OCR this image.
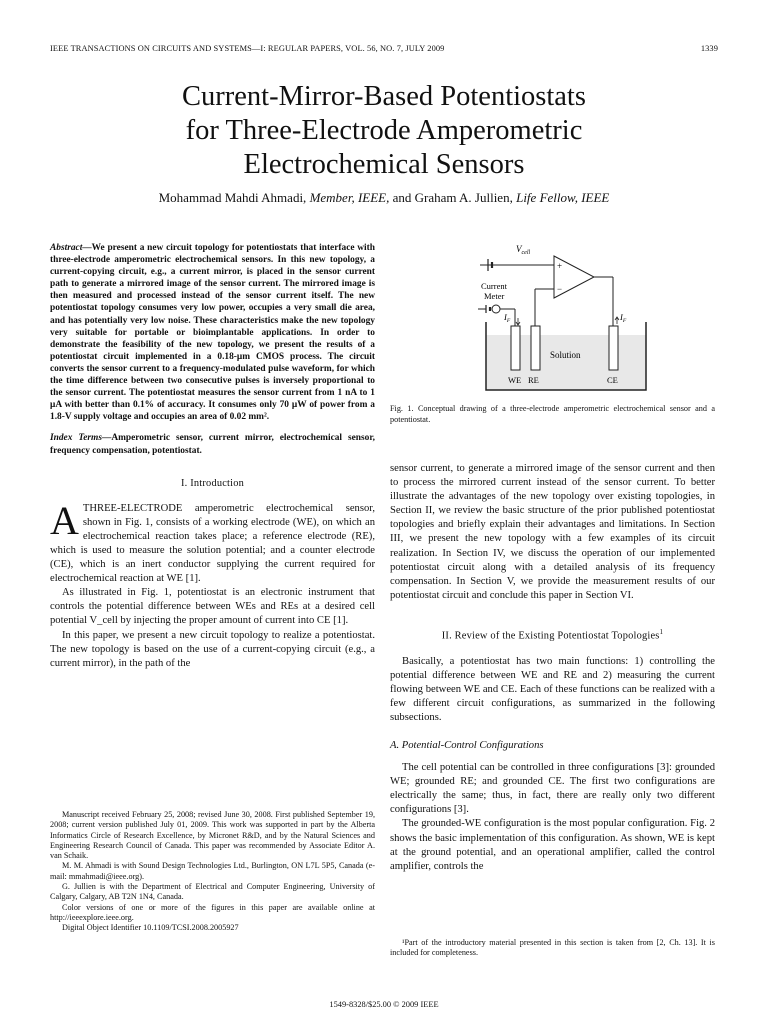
IEEE TRANSACTIONS ON CIRCUITS AND SYSTEMS—I: REGULAR PAPERS, VOL. 56, NO. 7, JULY 2009	1339
Current-Mirror-Based Potentiostats
for Three-Electrode Amperometric
Electrochemical Sensors
Mohammad Mahdi Ahmadi, Member, IEEE, and Graham A. Jullien, Life Fellow, IEEE
Abstract—We present a new circuit topology for potentiostats that interface with three-electrode amperometric electrochemical sensors. In this new topology, a current-copying circuit, e.g., a current mirror, is placed in the sensor current path to generate a mirrored image of the sensor current. The mirrored image is then measured and processed instead of the sensor current itself. The new potentiostat topology consumes very low power, occupies a very small die area, and has potentially very low noise. These characteristics make the new topology very suitable for portable or bioimplantable applications. In order to demonstrate the feasibility of the new topology, we present the results of a potentiostat circuit implemented in a 0.18-μm CMOS process. The circuit converts the sensor current to a frequency-modulated pulse waveform, for which the time difference between two consecutive pulses is inversely proportional to the sensor current. The potentiostat measures the sensor current from 1 nA to 1 μA with better than 0.1% of accuracy. It consumes only 70 μW of power from a 1.8-V supply voltage and occupies an area of 0.02 mm².
Index Terms—Amperometric sensor, current mirror, electrochemical sensor, frequency compensation, potentiostat.
I. Introduction

ATHREE-ELECTRODE amperometric electrochemical sensor, shown in Fig. 1, consists of a working electrode (WE), on which an electrochemical reaction takes place; a reference electrode (RE), which is used to measure the solution potential; and a counter electrode (CE), which is an inert conductor supplying the current required for electrochemical reaction at WE [1].

As illustrated in Fig. 1, potentiostat is an electronic instrument that controls the potential difference between WEs and REs at a desired cell potential V_cell by injecting the proper amount of current into CE [1].

In this paper, we present a new circuit topology to realize a potentiostat. The new topology is based on the use of a current-copying circuit (e.g., a current mirror), in the path of the

Manuscript received February 25, 2008; revised June 30, 2008. First published September 19, 2008; current version published July 01, 2009. This work was supported in part by the Alberta Informatics Circle of Research Excellence, by Micronet R&D, and by the Natural Sciences and Engineering Research Council of Canada. This paper was recommended by Associate Editor A. van Schaik.

M. M. Ahmadi is with Sound Design Technologies Ltd., Burlington, ON L7L 5P5, Canada (e-mail: mmahmadi@ieee.org).

G. Jullien is with the Department of Electrical and Computer Engineering, University of Calgary, Calgary, AB T2N 1N4, Canada.

Color versions of one or more of the figures in this paper are available online at http://ieeexplore.ieee.org.

Digital Object Identifier 10.1109/TCSI.2008.2005927

+
−
$V_{cell}$
Current
Meter
$I_F$	$I_F$
Solution
WE RE	CE
Fig. 1. Conceptual drawing of a three-electrode amperometric electrochemical sensor and a potentiostat.

sensor current, to generate a mirrored image of the sensor current and then to process the mirrored current instead of the sensor current. To better illustrate the advantages of the new topology over existing topologies, in Section II, we review the basic structure of the prior published potentiostat topologies and briefly explain their advantages and limitations. In Section III, we present the new topology with a few examples of its circuit realization. In Section IV, we discuss the operation of our implemented potentiostat circuit along with a detailed analysis of its frequency compensation. In Section V, we provide the measurement results of our potentiostat circuit and conclude this paper in Section VI.

II. Review of the Existing Potentiostat Topologies$^1$

Basically, a potentiostat has two main functions: 1) controlling the potential difference between WE and RE and 2) measuring the current flowing between WE and CE. Each of these functions can be realized with a few different circuit configurations, as summarized in the following subsections.

A. Potential-Control Configurations

The cell potential can be controlled in three configurations [3]: grounded WE; grounded RE; and grounded CE. The first two configurations are electrically the same; thus, in fact, there are really only two different configurations [3].

The grounded-WE configuration is the most popular configuration. Fig. 2 shows the basic implementation of this configuration. As shown, WE is kept at the ground potential, and an operational amplifier, called the control amplifier, controls the

¹Part of the introductory material presented in this section is taken from [2, Ch. 13]. It is included for completeness.

1549-8328/$25.00 © 2009 IEEE
